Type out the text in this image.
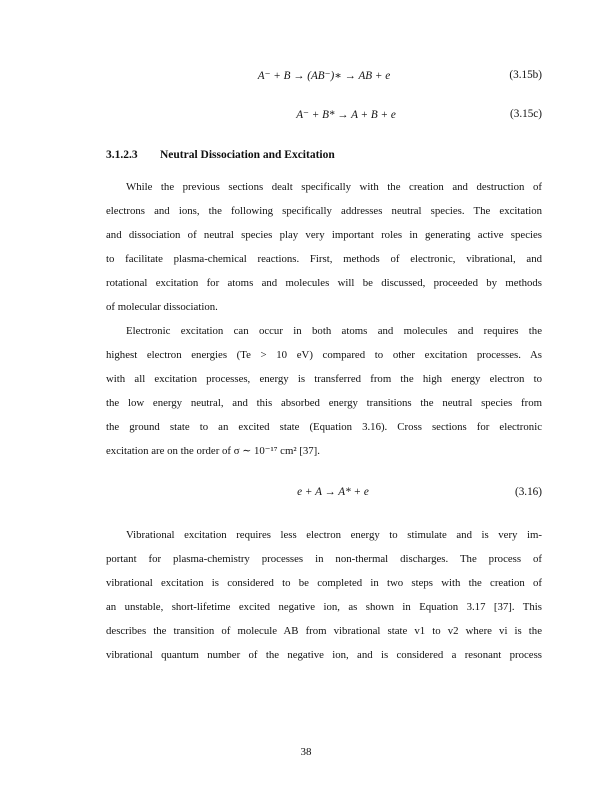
A⁻ + B → (AB⁻)∗ → AB + e	(3.15b)
A⁻ + B* → A + B + e	(3.15c)
3.1.2.3 Neutral Dissociation and Excitation
While the previous sections dealt specifically with the creation and destruction of
electrons and ions, the following specifically addresses neutral species. The excitation
and dissociation of neutral species play very important roles in generating active species
to facilitate plasma-chemical reactions. First, methods of electronic, vibrational, and
rotational excitation for atoms and molecules will be discussed, proceeded by methods
of molecular dissociation.
Electronic excitation can occur in both atoms and molecules and requires the
highest electron energies (Te > 10 eV) compared to other excitation processes. As
with all excitation processes, energy is transferred from the high energy electron to
the low energy neutral, and this absorbed energy transitions the neutral species from
the ground state to an excited state (Equation 3.16). Cross sections for electronic
excitation are on the order of σ ∼ 10⁻¹⁷ cm² [37].
e + A → A* + e	(3.16)
Vibrational excitation requires less electron energy to stimulate and is very im-
portant for plasma-chemistry processes in non-thermal discharges. The process of
vibrational excitation is considered to be completed in two steps with the creation of
an unstable, short-lifetime excited negative ion, as shown in Equation 3.17 [37]. This
describes the transition of molecule AB from vibrational state v1 to v2 where vi is the
vibrational quantum number of the negative ion, and is considered a resonant process
38
